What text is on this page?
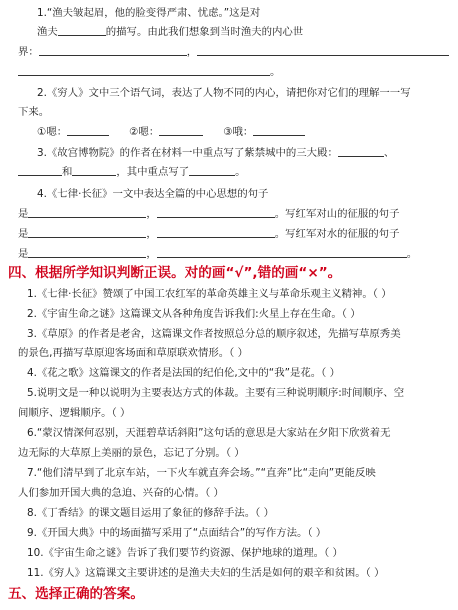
1.“渔夫皱起眉，他的脸变得严肃、忧虑。”这是对
渔夫	的描写。由此我们想象到当时渔夫的内心世
界：	，
。
2.《穷人》文中三个语气词，表达了人物不同的内心，请把你对它们的理解一一写
下来。
①嗯：	②嗯：	③哦：
3.《故宫博物院》的作者在材料一中重点写了紫禁城中的三大殿：	、
和	，其中重点写了	。
4.《七律·长征》一文中表达全篇的中心思想的句子
是	，	。写红军对山的征服的句子
是	，	。写红军对水的征服的句子
是	，	。
四、根据所学知识判断正误。对的画“√”,错的画“×”。
1.《七律·长征》赞颂了中国工农红军的革命英雄主义与革命乐观主义精神。（ ）
2.《宇宙生命之谜》这篇课文从各种角度告诉我们:火星上存在生命。（ ）
3.《草原》的作者是老舍，这篇课文作者按照总分总的顺序叙述，先描写草原秀美
的景色,再描写草原迎客场面和草原联欢情形。（ ）
4.《花之歌》这篇课文的作者是法国的纪伯伦,文中的“我”是花。（ ）
5.说明文是一种以说明为主要表达方式的体裁。主要有三种说明顺序:时间顺序、空
间顺序、逻辑顺序。（ ）
6.“蒙汉情深何忍别，天涯碧草话斜阳”这句话的意思是大家站在夕阳下欣赏着无
边无际的大草原上美丽的景色，忘记了分别。（ ）
7.“他们清早到了北京车站，一下火车就直奔会场。”“直奔”比“走向”更能反映
人们参加开国大典的急迫、兴奋的心情。（ ）
8.《丁香结》的课文题目运用了象征的修辞手法。（ ）
9.《开国大典》中的场面描写采用了“点面结合”的写作方法。（ ）
10.《宇宙生命之谜》告诉了我们要节约资源、保护地球的道理。（ ）
11.《穷人》这篇课文主要讲述的是渔夫夫妇的生活是如何的艰辛和贫困。（ ）
五、选择正确的答案。
